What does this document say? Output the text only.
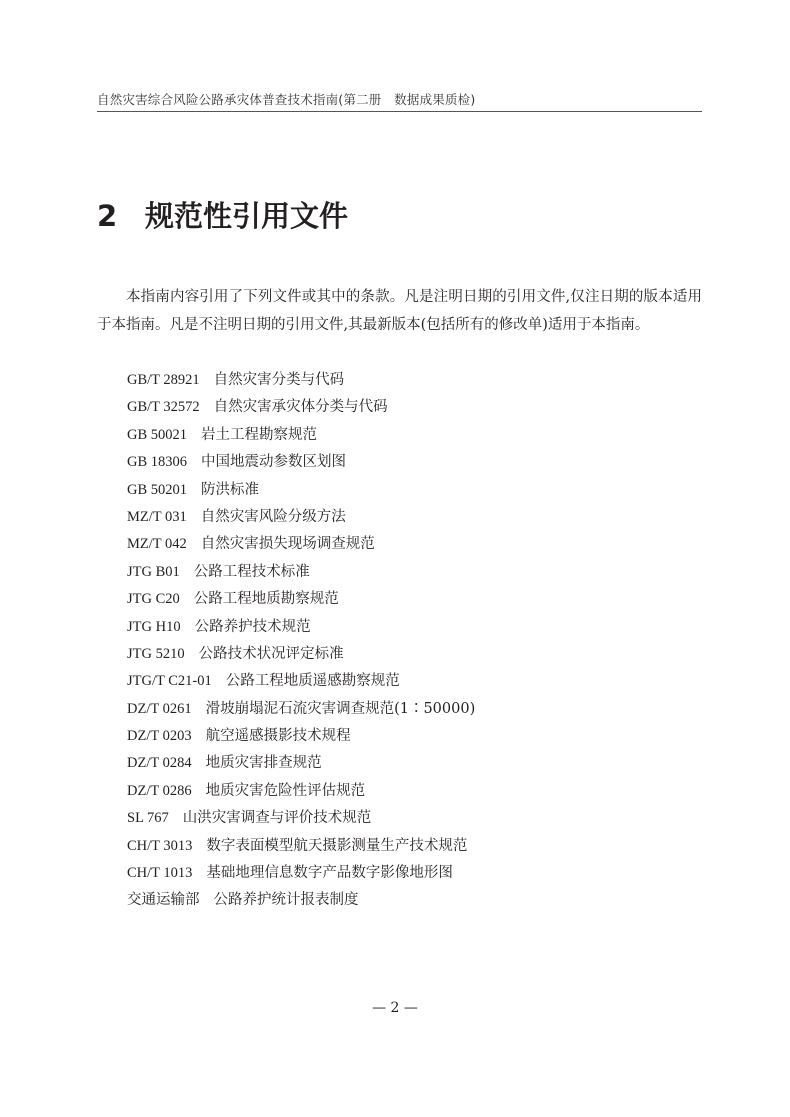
自然灾害综合风险公路承灾体普查技术指南(第二册　数据成果质检)
2 规范性引用文件

本指南内容引用了下列文件或其中的条款。凡是注明日期的引用文件,仅注日期的版本适用于本指南。凡是不注明日期的引用文件,其最新版本(包括所有的修改单)适用于本指南。

GB/T 28921 自然灾害分类与代码
GB/T 32572 自然灾害承灾体分类与代码
GB 50021 岩土工程勘察规范
GB 18306 中国地震动参数区划图
GB 50201 防洪标准
MZ/T 031 自然灾害风险分级方法
MZ/T 042 自然灾害损失现场调查规范
JTG B01 公路工程技术标准
JTG C20 公路工程地质勘察规范
JTG H10 公路养护技术规范
JTG 5210 公路技术状况评定标准
JTG/T C21-01 公路工程地质遥感勘察规范
DZ/T 0261 滑坡崩塌泥石流灾害调查规范(1∶50000)
DZ/T 0203 航空遥感摄影技术规程
DZ/T 0284 地质灾害排查规范
DZ/T 0286 地质灾害危险性评估规范
SL 767 山洪灾害调查与评价技术规范
CH/T 3013 数字表面模型航天摄影测量生产技术规范
CH/T 1013 基础地理信息数字产品数字影像地形图
交通运输部 公路养护统计报表制度
— 2 —
